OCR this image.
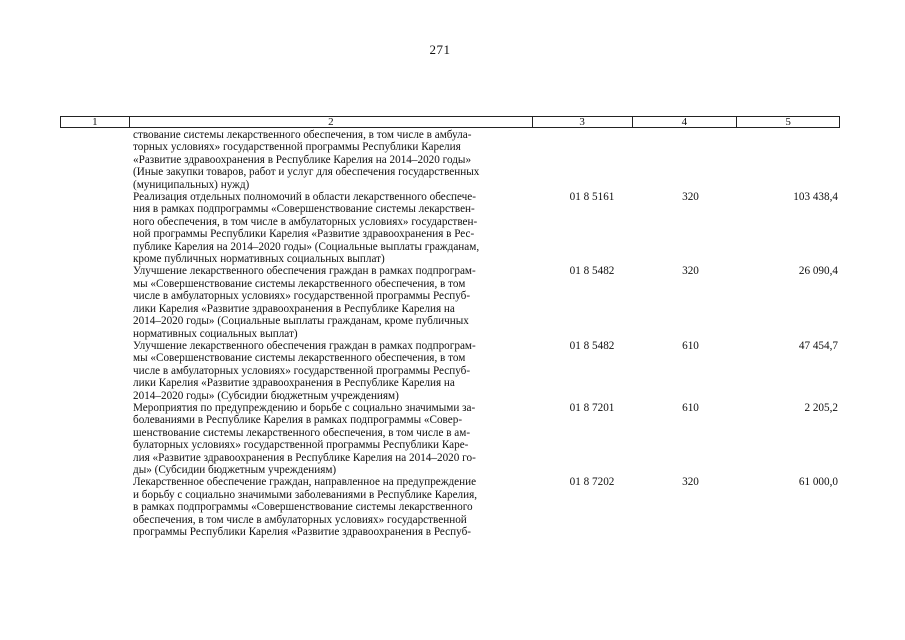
271
1	2	3	4	5
ствование системы лекарственного обеспечения, в том числе в амбула-
торных условиях» государственной программы Республики Карелия
«Развитие здравоохранения в Республике Карелия на 2014–2020 годы»
(Иные закупки товаров, работ и услуг для обеспечения государственных
(муниципальных) нужд)
Реализация отдельных полномочий в области лекарственного обеспече-
ния в рамках подпрограммы «Совершенствование системы лекарствен-
ного обеспечения, в том числе в амбулаторных условиях» государствен-
ной программы Республики Карелия «Развитие здравоохранения в Рес-
публике Карелия на 2014–2020 годы» (Социальные выплаты гражданам,
кроме публичных нормативных социальных выплат)
01 8 5161	320	103 438,4
Улучшение лекарственного обеспечения граждан в рамках подпрограм-
мы «Совершенствование системы лекарственного обеспечения, в том
числе в амбулаторных условиях» государственной программы Респуб-
лики Карелия «Развитие здравоохранения в Республике Карелия на
2014–2020 годы» (Социальные выплаты гражданам, кроме публичных
нормативных социальных выплат)
01 8 5482	320	26 090,4
Улучшение лекарственного обеспечения граждан в рамках подпрограм-
мы «Совершенствование системы лекарственного обеспечения, в том
числе в амбулаторных условиях» государственной программы Респуб-
лики Карелия «Развитие здравоохранения в Республике Карелия на
2014–2020 годы» (Субсидии бюджетным учреждениям)
01 8 5482	610	47 454,7
Мероприятия по предупреждению и борьбе с социально значимыми за-
болеваниями в Республике Карелия в рамках подпрограммы «Совер-
шенствование системы лекарственного обеспечения, в том числе в ам-
булаторных условиях» государственной программы Республики Каре-
лия «Развитие здравоохранения в Республике Карелия на 2014–2020 го-
ды» (Субсидии бюджетным учреждениям)
01 8 7201	610	2 205,2
Лекарственное обеспечение граждан, направленное на предупреждение
и борьбу с социально значимыми заболеваниями в Республике Карелия,
в рамках подпрограммы «Совершенствование системы лекарственного
обеспечения, в том числе в амбулаторных условиях» государственной
программы Республики Карелия «Развитие здравоохранения в Респуб-
01 8 7202	320	61 000,0
